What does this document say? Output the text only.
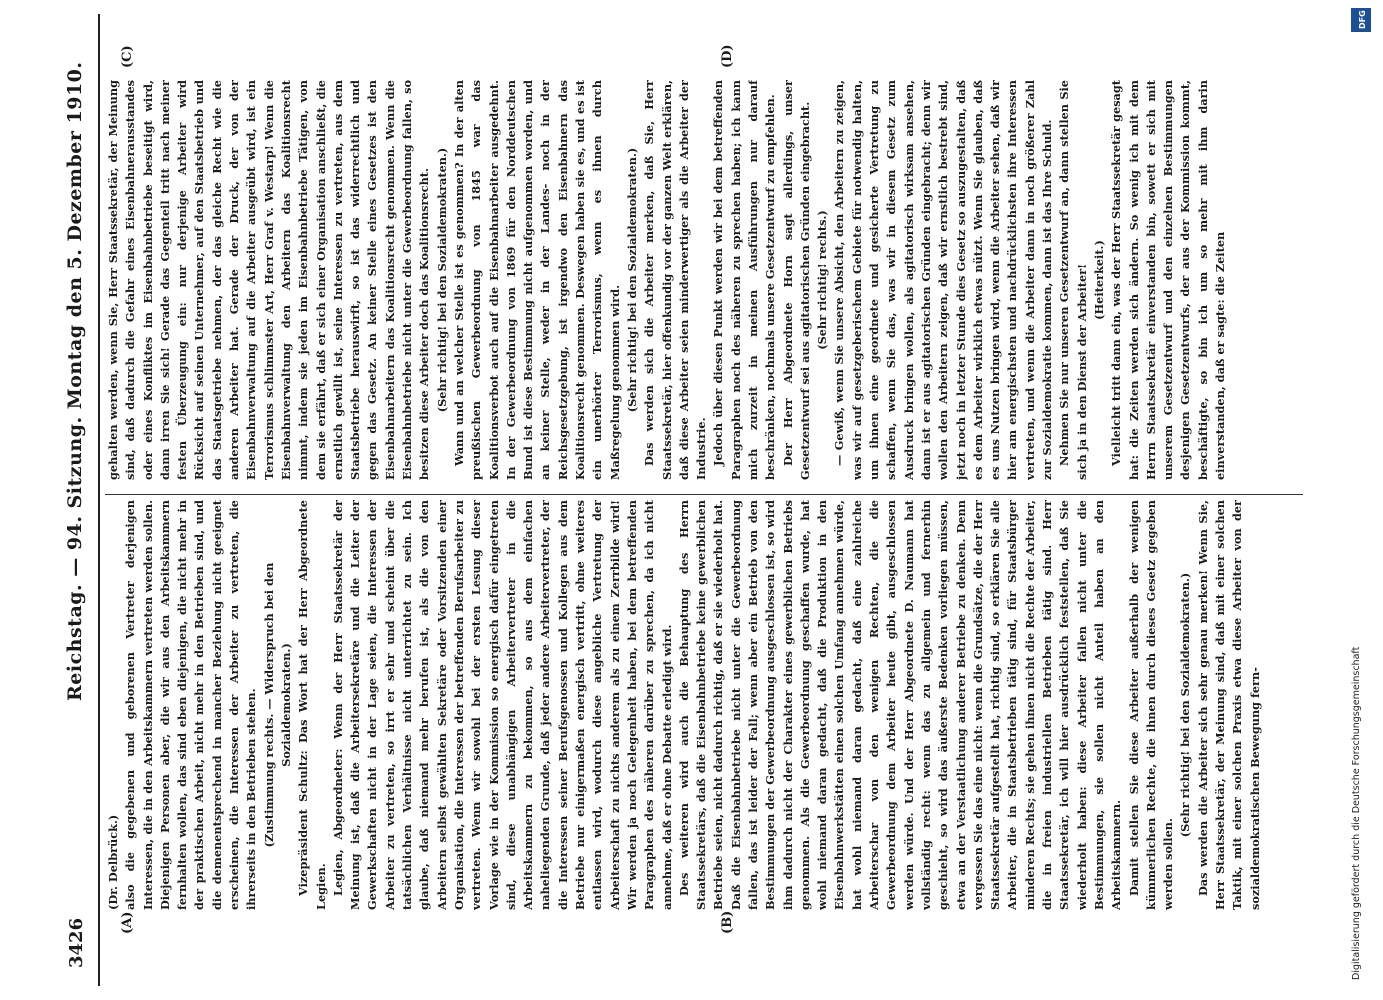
3426
Reichstag. — 94. Sitzung. Montag den 5. Dezember 1910.
(A)	(B)
(C)	(D)

(Dr. Delbrück.) also die gegebenen und geborenen Vertreter derjenigen Interessen, die in den Arbeitskammern vertreten werden sollen. Diejenigen Personen aber, die wir aus den Arbeitskammern fernhalten wollen, das sind eben diejenigen, die nicht mehr in der praktischen Arbeit, nicht mehr in den Betrieben sind, und die demenentsprechend in mancher Beziehung nicht geeignet erscheinen, die Interessen der Arbeiter zu vertreten, die ihrerseits in den Betrieben stehen. (Zustimmung rechts. — Widerspruch bei den Sozialdemokraten.) Vizepräsident Schultz: Das Wort hat der Herr Abgeordnete Legien. Legien, Abgeordneter: Wenn der Herr Staatssekretär der Meinung ist, daß die Arbeitersekretäre und die Leiter der Gewerkschaften nicht in der Lage seien, die Interessen der Arbeiter zu vertreten, so irrt er sehr und scheint über die tatsächlichen Verhältnisse nicht unterrichtet zu sein. Ich glaube, daß niemand mehr berufen ist, als die von den Arbeitern selbst gewählten Sekretäre oder Vorsitzenden einer Organisation, die Interessen der betreffenden Berufsarbeiter zu vertreten. Wenn wir sowohl bei der ersten Lesung dieser Vorlage wie in der Kommission so energisch dafür eingetreten sind, diese unabhängigen Arbeitervertreter in die Arbeitskammern zu bekommen, so aus dem einfachen naheliegenden Grunde, daß jeder andere Arbeitervertreter, der die Interessen seiner Berufsgenossen und Kollegen aus dem Betriebe nur einigermaßen energisch vertritt, ohne weiteres entlassen wird, wodurch diese angebliche Vertretung der Arbeiterschaft zu nichts anderem als zu einem Zerrbilde wird! Wir werden ja noch Gelegenheit haben, bei dem betreffenden Paragraphen des näheren darüber zu sprechen, da ich nicht annehme, daß er ohne Debatte erledigt wird. Des weiteren wird auch die Behauptung des Herrn Staatssekretärs, daß die Eisenbahnbetriebe keine gewerblichen Betriebe seien, nicht dadurch richtig, daß er sie wiederholt hat. Daß die Eisenbahnbetriebe nicht unter die Gewerbeordnung fallen, das ist leider der Fall; wenn aber ein Betrieb von den Bestimmungen der Gewerbeordnung ausgeschlossen ist, so wird ihm dadurch nicht der Charakter eines gewerblichen Betriebs genommen. Als die Gewerbeordnung geschaffen wurde, hat wohl niemand daran gedacht, daß die Produktion in den Eisenbahnwerkstätten einen solchen Umfang annehmen würde, hat wohl niemand daran gedacht, daß eine zahlreiche Arbeiterschar von den wenigen Rechten, die die Gewerbeordnung dem Arbeiter heute gibt, ausgeschlossen werden würde. Und der Herr Abgeordnete D. Naumann hat vollständig recht: wenn das zu allgemein und fernerhin geschieht, so wird das äußerste Bedenken vorliegen müssen, etwa an der Verstaatlichung anderer Betriebe zu denken. Denn vergessen Sie das eine nicht: wenn die Grundsätze, die der Herr Staatssekretär aufgestellt hat, richtig sind, so erklären Sie alle Arbeiter, die in Staatsbetrieben tätig sind, für Staatsbürger minderen Rechts; sie gehen ihnen nicht die Rechte der Arbeiter, die in freien industriellen Betrieben tätig sind. Herr Staatssekretär, ich will hier ausdrücklich feststellen, daß Sie wiederholt haben: diese Arbeiter fallen nicht unter die Bestimmungen, sie sollen nicht Anteil haben an den Arbeitskammern. Damit stellen Sie diese Arbeiter außerhalb der wenigen kümmerlichen Rechte, die ihnen durch dieses Gesetz gegeben werden sollen.

(Sehr richtig! bei den Sozialdemokraten.) Das werden die Arbeiter sich sehr genau merken! Wenn Sie, Herr Staatssekretär, der Meinung sind, daß mit einer solchen Taktik, mit einer solchen Praxis etwa diese Arbeiter von der sozialdemokratischen Bewegung fern-

gehalten werden, wenn Sie, Herr Staatssekretär, der Meinung sind, daß dadurch die Gefahr eines Eisenbahnerausstandes oder eines Konfliktes im Eisenbahnbetriebe beseitigt wird, dann irren Sie sich! Gerade das Gegenteil tritt nach meiner festen Überzeugung ein: nur derjenige Arbeiter wird Rücksicht auf seinen Unternehmer, auf den Staatsbetrieb und das Staatsgetriebe nehmen, der das gleiche Recht wie die anderen Arbeiter hat. Gerade der Druck, der von der Eisenbahnverwaltung auf die Arbeiter ausgeübt wird, ist ein Terrorismus schlimmster Art, Herr Graf v. Westarp! Wenn die Eisenbahnverwaltung den Arbeitern das Koalitionsrecht nimmt, indem sie jeden im Eisenbahnbetriebe Tätigen, von dem sie erfährt, daß er sich einer Organisation anschließt, die ernstlich gewillt ist, seine Interessen zu vertreten, aus dem Staatsbetriebe herauswirft, so ist das widerrechtlich und gegen das Gesetz. An keiner Stelle eines Gesetzes ist den Eisenbahnarbeitern das Koalitionsrecht genommen. Wenn die Eisenbahnbetriebe nicht unter die Gewerbeordnung fallen, so besitzen diese Arbeiter doch das Koalitionsrecht. (Sehr richtig! bei den Sozialdemokraten.) Wann und an welcher Stelle ist es genommen? In der alten preußischen Gewerbeordnung von 1845 war das Koalitionsverbot auch auf die Eisenbahnarbeiter ausgedehnt. In der Gewerbeordnung von 1869 für den Norddeutschen Bund ist diese Bestimmung nicht aufgenommen worden, und an keiner Stelle, weder in der Landes- noch in der Reichsgesetzgebung, ist irgendwo den Eisenbahnern das Koalitionsrecht genommen. Deswegen haben sie es, und es ist ein unerhörter Terrorismus, wenn es ihnen durch Maßregelung genommen wird. (Sehr richtig! bei den Sozialdemokraten.) Das werden sich die Arbeiter merken, daß Sie, Herr Staatssekretär, hier offenkundig vor der ganzen Welt erklären, daß diese Arbeiter seien minderwertiger als die Arbeiter der Industrie. Jedoch über diesen Punkt werden wir bei dem betreffenden Paragraphen noch des näheren zu sprechen haben; ich kann mich zurzeit in meinen Ausführungen nur darauf beschränken, nochmals unsere Gesetzentwurf zu empfehlen. Der Herr Abgeordnete Horn sagt allerdings, unser Gesetzentwurf sei aus agitatorischen Gründen eingebracht. (Sehr richtig! rechts.) — Gewiß, wenn Sie unsere Absicht, den Arbeitern zu zeigen, was wir auf gesetzgeberischem Gebiete für notwendig halten, um ihnen eine geordnete und gesicherte Vertretung zu schaffen, wenn Sie das, was wir in diesem Gesetz zum Ausdruck bringen wollen, als agitatorisch wirksam ansehen, dann ist er aus agitatorischen Gründen eingebracht; denn wir wollen den Arbeitern zeigen, daß wir ernstlich bestrebt sind, jetzt noch in letzter Stunde dies Gesetz so auszugestalten, daß es dem Arbeiter wirklich etwas nützt. Wenn Sie glauben, daß es uns Nutzen bringen wird, wenn die Arbeiter sehen, daß wir hier am energischsten und nachdrücklichsten ihre Interessen vertreten, und wenn die Arbeiter dann in noch größerer Zahl zur Sozialdemokratie kommen, dann ist das Ihre Schuld. Nehmen Sie nur unseren Gesetzentwurf an, dann stellen Sie sich ja in den Dienst der Arbeiter! (Heiterkeit.) Vielleicht tritt dann ein, was der Herr Staatssekretär gesagt hat: die Zeiten werden sich ändern. So wenig ich mit dem Herrn Staatssekretär einverstanden bin, sowett er sich mit unserem Gesetzentwurf und den einzelnen Bestimmungen desjenigen Gesetzentwurfs, der aus der Kommission kommt, beschäftigte, so bin ich um so mehr mit ihm darin einverstanden, daß er sagte: die Zeiten

Digitalisierung gefördert durch die Deutsche Forschungsgemeinschaft
DFG
